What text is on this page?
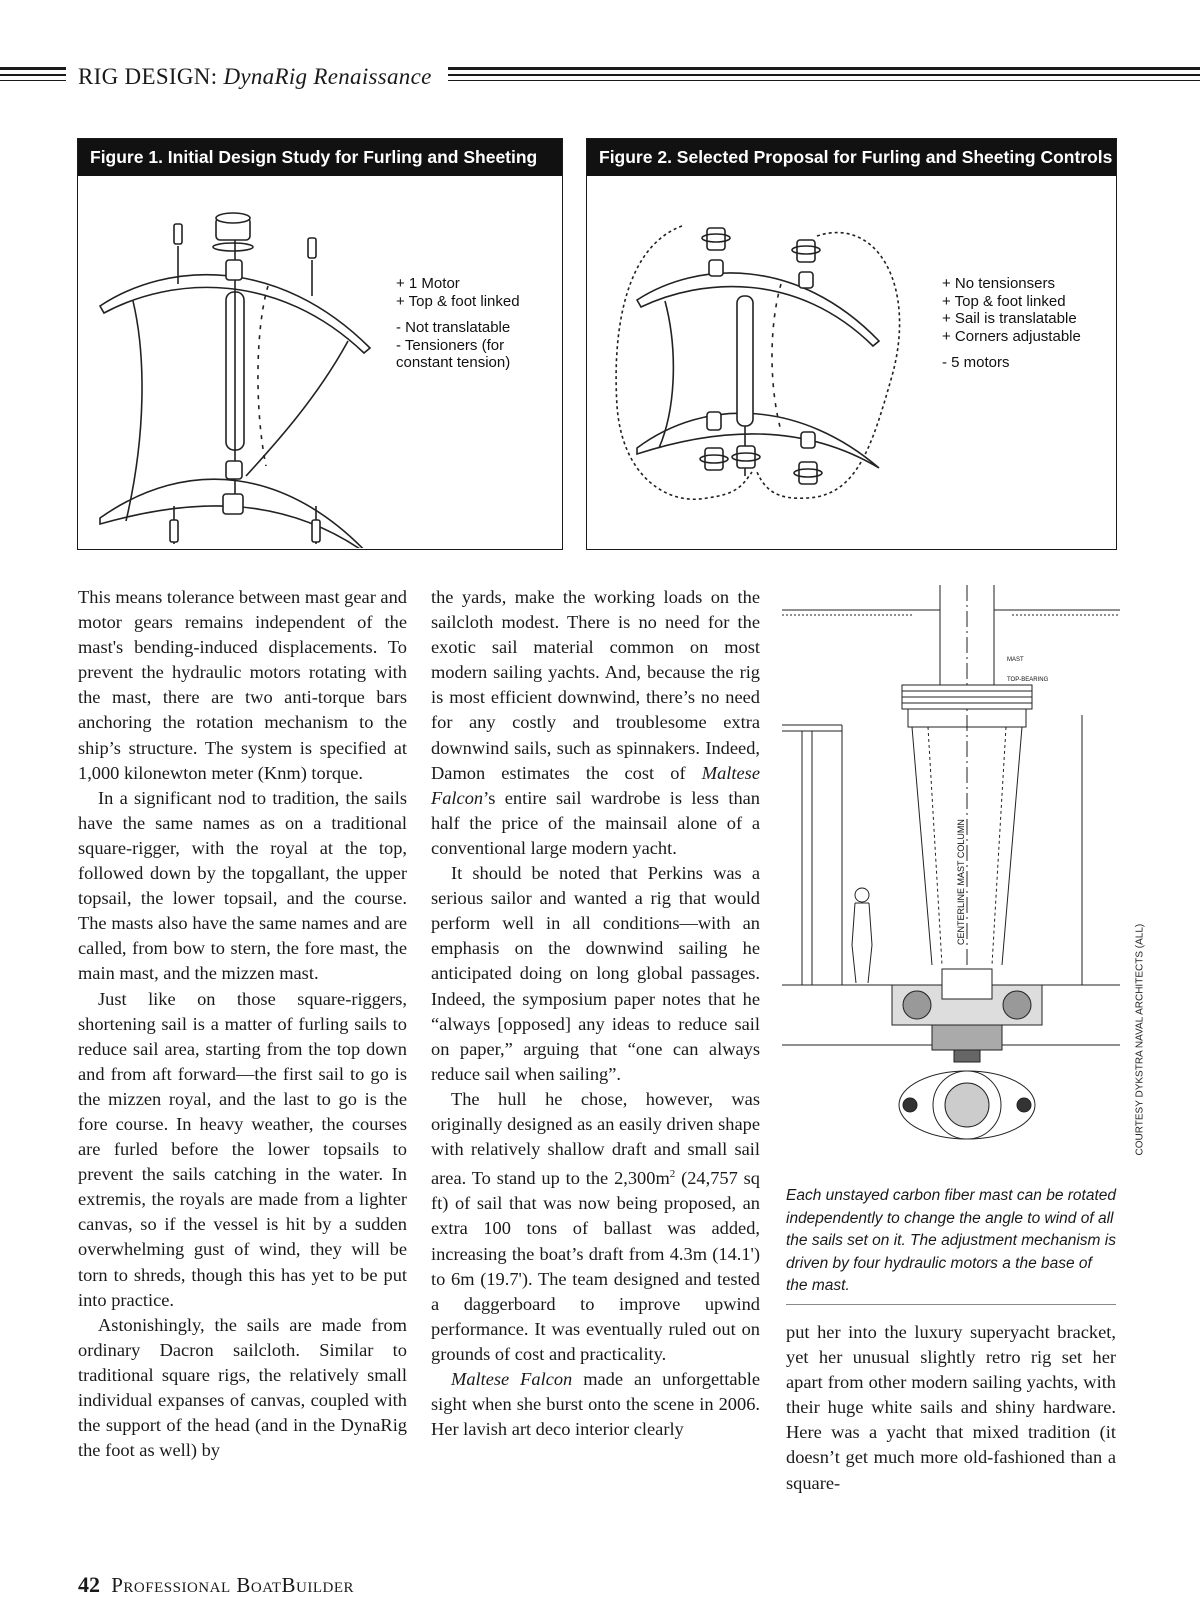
RIG DESIGN: DynaRig Renaissance
Figure 1. Initial Design Study for Furling and Sheeting
+ 1 Motor
+ Top & foot linked
- Not translatable
- Tensioners (for
constant tension)
Figure 2. Selected Proposal for Furling and Sheeting Controls
+ No tensionsers
+ Top & foot linked
+ Sail is translatable
+ Corners adjustable
- 5 motors

This means tolerance between mast gear and motor gears remains independent of the mast's bending-induced displacements. To prevent the hydraulic motors rotating with the mast, there are two anti-torque bars anchoring the rotation mechanism to the ship’s structure. The system is specified at 1,000 kilonewton meter (Knm) torque.

In a significant nod to tradition, the sails have the same names as on a traditional square-rigger, with the royal at the top, followed down by the topgallant, the upper topsail, the lower topsail, and the course. The masts also have the same names and are called, from bow to stern, the fore mast, the main mast, and the mizzen mast.

Just like on those square-riggers, shortening sail is a matter of furling sails to reduce sail area, starting from the top down and from aft forward—the first sail to go is the mizzen royal, and the last to go is the fore course. In heavy weather, the courses are furled before the lower topsails to prevent the sails catching in the water. In extremis, the royals are made from a lighter canvas, so if the vessel is hit by a sudden overwhelming gust of wind, they will be torn to shreds, though this has yet to be put into practice.

Astonishingly, the sails are made from ordinary Dacron sailcloth. Similar to traditional square rigs, the relatively small individual expanses of canvas, coupled with the support of the head (and in the DynaRig the foot as well) by

the yards, make the working loads on the sailcloth modest. There is no need for the exotic sail material common on most modern sailing yachts. And, because the rig is most efficient downwind, there’s no need for any costly and troublesome extra downwind sails, such as spinnakers. Indeed, Damon estimates the cost of Maltese Falcon’s entire sail wardrobe is less than half the price of the mainsail alone of a conventional large modern yacht.

It should be noted that Perkins was a serious sailor and wanted a rig that would perform well in all conditions—with an emphasis on the downwind sailing he anticipated doing on long global passages. Indeed, the symposium paper notes that he “always [opposed] any ideas to reduce sail on paper,” arguing that “one can always reduce sail when sailing”.

The hull he chose, however, was originally designed as an easily driven shape with relatively shallow draft and small sail area. To stand up to the $2,300m^2$ (24,757 sq ft) of sail that was now being proposed, an extra 100 tons of ballast was added, increasing the boat’s draft from 4.3m (14.1') to 6m (19.7'). The team designed and tested a daggerboard to improve upwind performance. It was eventually ruled out on grounds of cost and practicality.

Maltese Falcon made an unforgettable sight when she burst onto the scene in 2006. Her lavish art deco interior clearly

MAST
TOP-BEARING
CENTERLINE MAST COLUMN
COURTESY DYKSTRA NAVAL ARCHITECTS (ALL)
Each unstayed carbon fiber mast can be rotated independently to change the angle to wind of all the sails set on it. The adjustment mechanism is driven by four hydraulic motors a the base of the mast.

put her into the luxury superyacht bracket, yet her unusual slightly retro rig set her apart from other modern sailing yachts, with their huge white sails and shiny hardware. Here was a yacht that mixed tradition (it doesn’t get much more old-fashioned than a square-

42 Professional BoatBuilder
